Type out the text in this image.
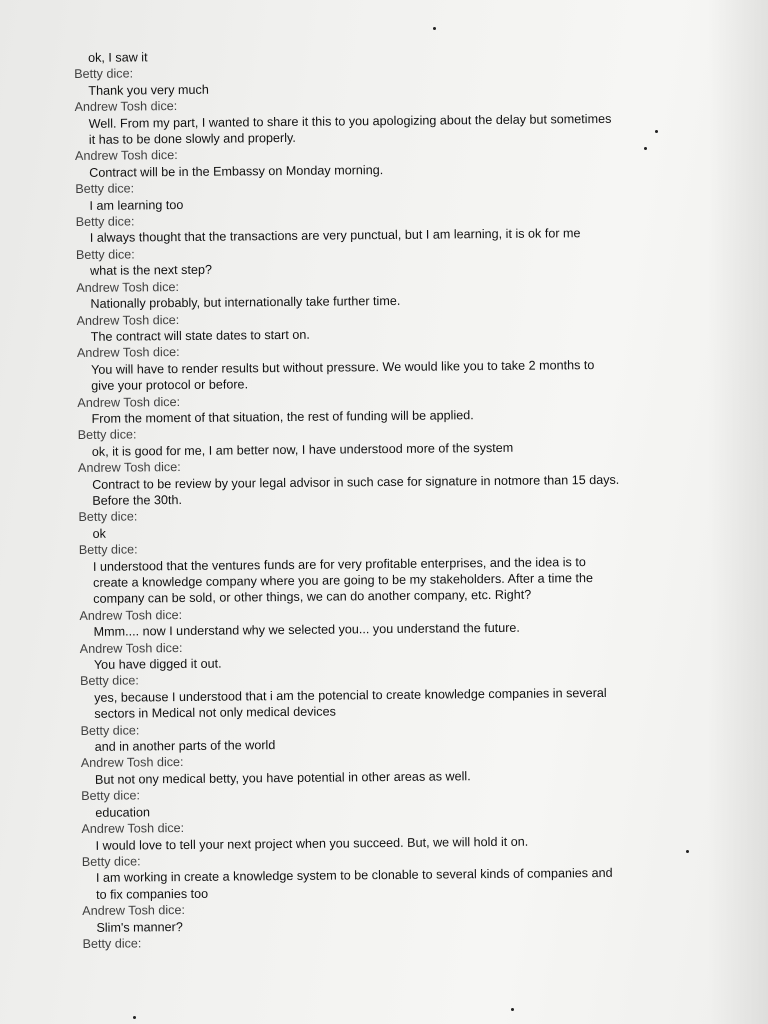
ok, I saw it
Betty dice:
Thank you very much
Andrew Tosh dice:
Well. From my part, I wanted to share it this to you apologizing about the delay but sometimes
it has to be done slowly and properly.
Andrew Tosh dice:
Contract will be in the Embassy on Monday morning.
Betty dice:
I am learning too
Betty dice:
I always thought that the transactions are very punctual, but I am learning, it is ok for me
Betty dice:
what is the next step?
Andrew Tosh dice:
Nationally probably, but internationally take further time.
Andrew Tosh dice:
The contract will state dates to start on.
Andrew Tosh dice:
You will have to render results but without pressure. We would like you to take 2 months to
give your protocol or before.
Andrew Tosh dice:
From the moment of that situation, the rest of funding will be applied.
Betty dice:
ok, it is good for me, I am better now, I have understood more of the system
Andrew Tosh dice:
Contract to be review by your legal advisor in such case for signature in notmore than 15 days.
Before the 30th.
Betty dice:
ok
Betty dice:
I understood that the ventures funds are for very profitable enterprises, and the idea is to
create a knowledge company where you are going to be my stakeholders. After a time the
company can be sold, or other things, we can do another company, etc. Right?
Andrew Tosh dice:
Mmm.... now I understand why we selected you... you understand the future.
Andrew Tosh dice:
You have digged it out.
Betty dice:
yes, because I understood that i am the potencial to create knowledge companies in several
sectors in Medical not only medical devices
Betty dice:
and in another parts of the world
Andrew Tosh dice:
But not ony medical betty, you have potential in other areas as well.
Betty dice:
education
Andrew Tosh dice:
I would love to tell your next project when you succeed. But, we will hold it on.
Betty dice:
I am working in create a knowledge system to be clonable to several kinds of companies and
to fix companies too
Andrew Tosh dice:
Slim's manner?
Betty dice:
